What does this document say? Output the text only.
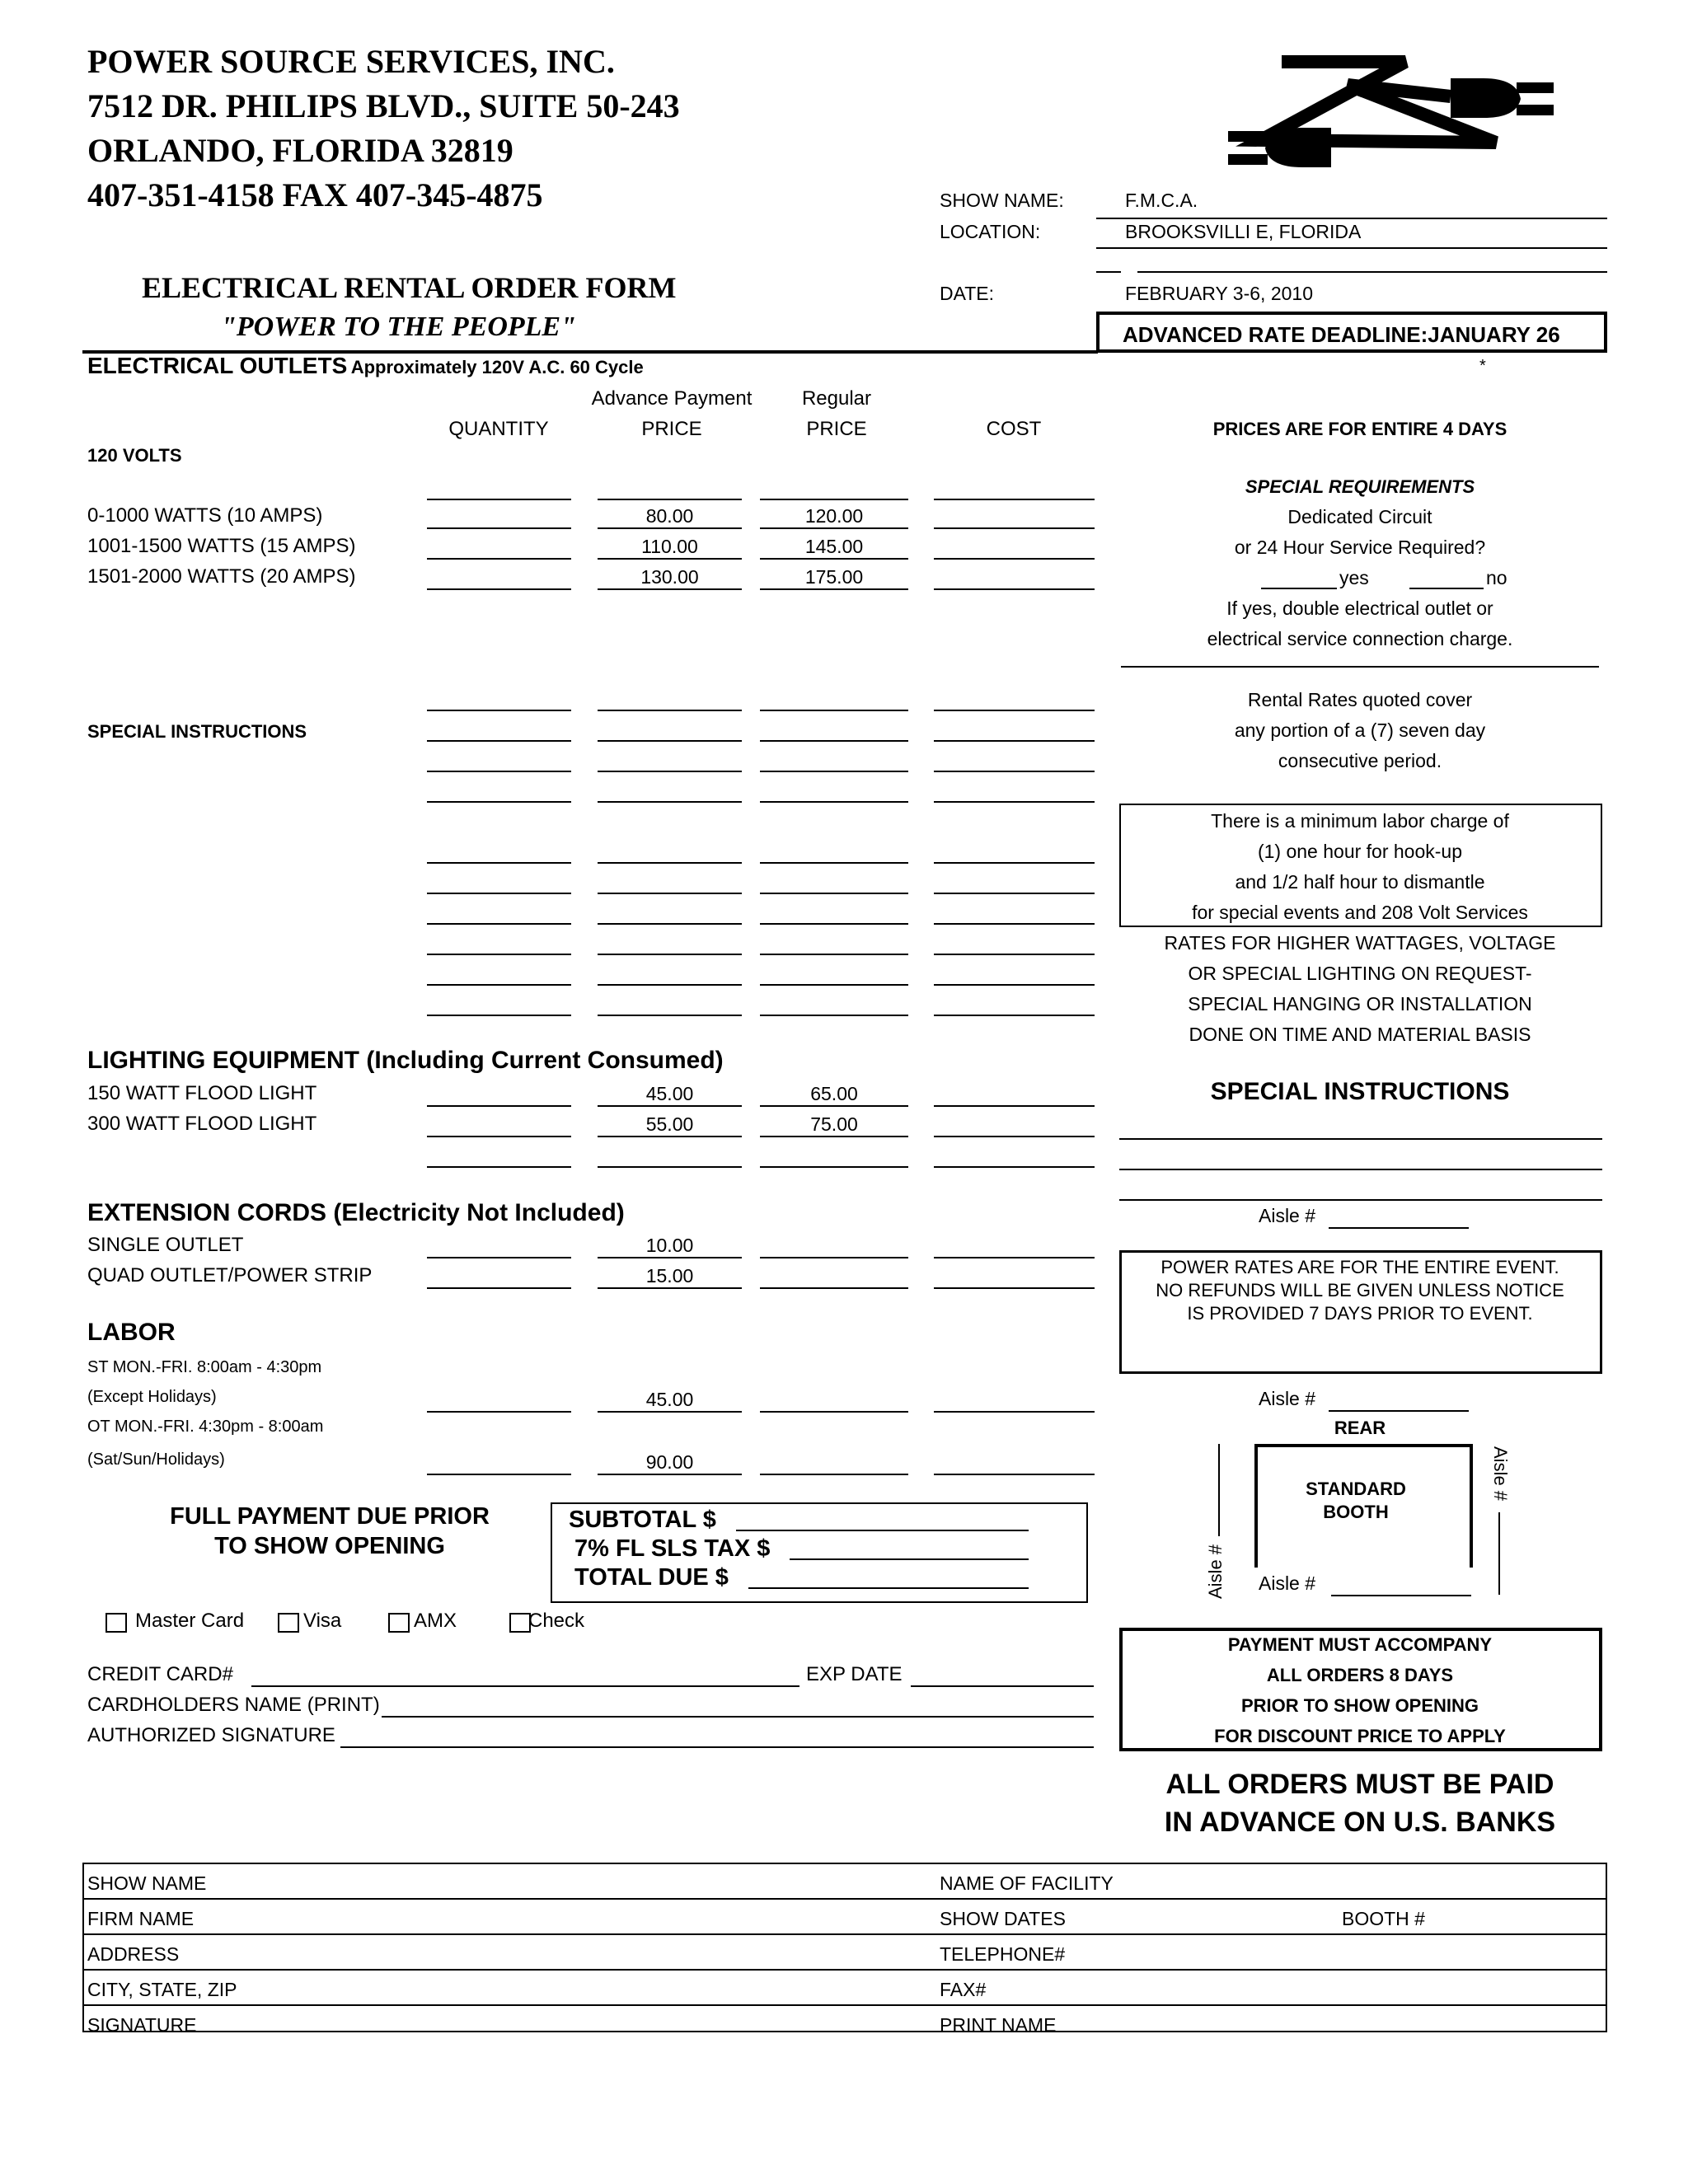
POWER SOURCE SERVICES, INC.
7512 DR. PHILIPS BLVD., SUITE 50-243
ORLANDO, FLORIDA 32819
407-351-4158 FAX 407-345-4875
ELECTRICAL RENTAL ORDER FORM
"POWER TO THE PEOPLE"
SHOW NAME:	F.M.C.A.
LOCATION:	BROOKSVILLI E, FLORIDA
DATE:	FEBRUARY 3-6, 2010
ADVANCED RATE DEADLINE:JANUARY 26
ELECTRICAL OUTLETS Approximately 120V A.C. 60 Cycle	*
Advance Payment	Regular
QUANTITY	PRICE	PRICE	COST
120 VOLTS
0-1000 WATTS (10 AMPS)	80.00	120.00
1001-1500 WATTS (15 AMPS)	110.00	145.00
1501-2000 WATTS (20 AMPS)	130.00	175.00
SPECIAL INSTRUCTIONS
PRICES ARE FOR ENTIRE 4 DAYS
SPECIAL REQUIREMENTS
Dedicated Circuit
or 24 Hour Service Required?
yes	no
If yes, double electrical outlet or
electrical service connection charge.
Rental Rates quoted cover
any portion of a (7) seven day
consecutive period.
There is a minimum labor charge of
(1) one hour for hook-up
and 1/2 half hour to dismantle
for special events and 208 Volt Services
RATES FOR HIGHER WATTAGES, VOLTAGE
OR SPECIAL LIGHTING ON REQUEST-
SPECIAL HANGING OR INSTALLATION
DONE ON TIME AND MATERIAL BASIS
SPECIAL INSTRUCTIONS
Aisle #
POWER RATES ARE FOR THE ENTIRE EVENT.
NO REFUNDS WILL BE GIVEN UNLESS NOTICE
IS PROVIDED 7 DAYS PRIOR TO EVENT.
Aisle #
REAR
STANDARD
BOOTH
Aisle #
Aisle #
Aisle #
PAYMENT MUST ACCOMPANY
ALL ORDERS 8 DAYS
PRIOR TO SHOW OPENING
FOR DISCOUNT PRICE TO APPLY
ALL ORDERS MUST BE PAID
IN ADVANCE ON U.S. BANKS
LIGHTING EQUIPMENT (Including Current Consumed)
150 WATT FLOOD LIGHT	45.00	65.00
300 WATT FLOOD LIGHT	55.00	75.00
EXTENSION CORDS (Electricity Not Included)
SINGLE OUTLET	10.00
QUAD OUTLET/POWER STRIP	15.00
LABOR
ST MON.-FRI. 8:00am - 4:30pm
(Except Holidays)	45.00
OT MON.-FRI. 4:30pm - 8:00am
(Sat/Sun/Holidays)	90.00
FULL PAYMENT DUE PRIOR
TO SHOW OPENING
SUBTOTAL $
7% FL SLS TAX $
TOTAL DUE $
Master Card	Visa	AMX	Check
CREDIT CARD#	EXP DATE
CARDHOLDERS NAME (PRINT)
AUTHORIZED SIGNATURE
SHOW NAME	NAME OF FACILITY
FIRM NAME	SHOW DATES	BOOTH #
ADDRESS	TELEPHONE#
CITY, STATE, ZIP	FAX#
SIGNATURE	PRINT NAME
